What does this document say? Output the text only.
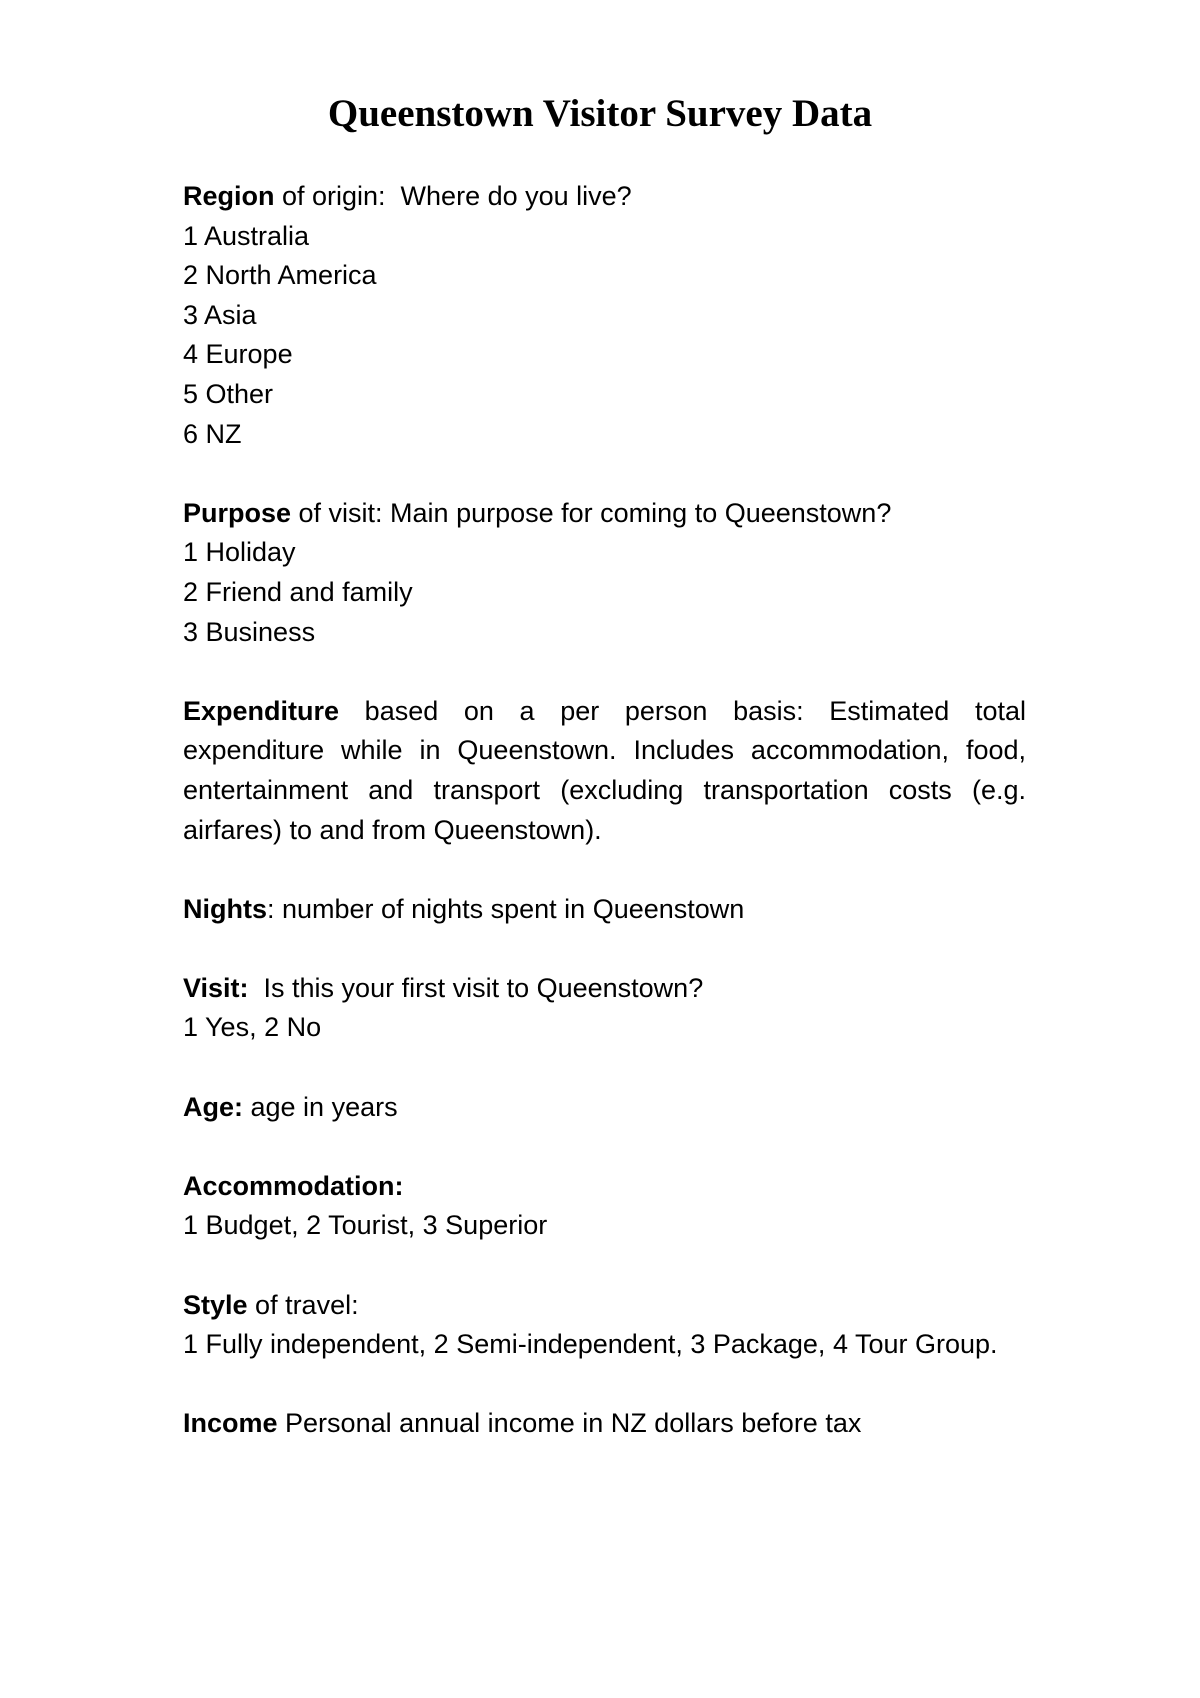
Queenstown Visitor Survey Data
Region of origin:  Where do you live?
1 Australia
2 North America
3 Asia
4 Europe
5 Other
6 NZ
Purpose of visit: Main purpose for coming to Queenstown?
1 Holiday
2 Friend and family
3 Business
Expenditure based on a per person basis: Estimated total expenditure while in Queenstown. Includes accommodation, food, entertainment and transport (excluding transportation costs (e.g. airfares) to and from Queenstown).
Nights: number of nights spent in Queenstown
Visit:  Is this your first visit to Queenstown?
1 Yes, 2 No
Age: age in years
Accommodation:
1 Budget, 2 Tourist, 3 Superior
Style of travel:
1 Fully independent, 2 Semi-independent, 3 Package, 4 Tour Group.
Income Personal annual income in NZ dollars before tax
